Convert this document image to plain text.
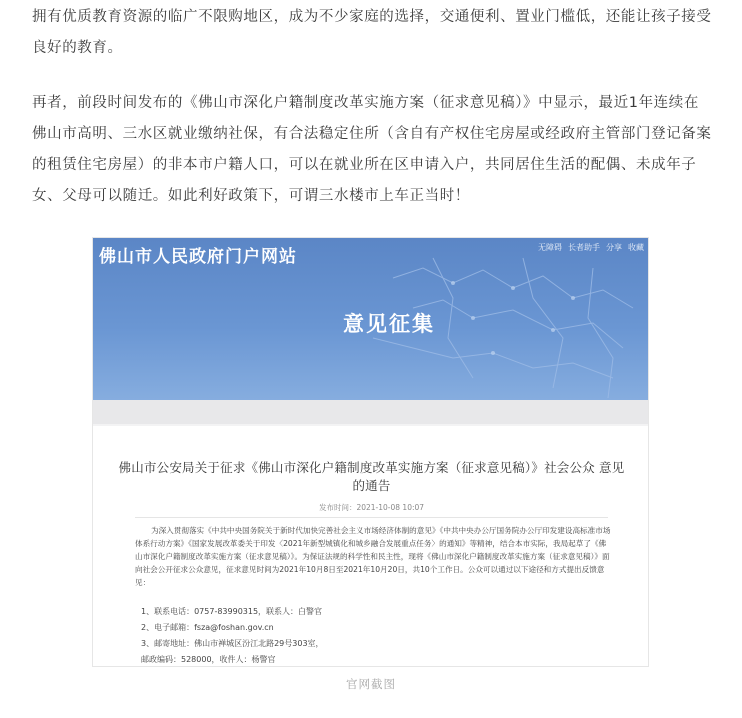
拥有优质教育资源的临广不限购地区，成为不少家庭的选择，交通便利、置业门槛低，还能让孩子接受良好的教育。
再者，前段时间发布的《佛山市深化户籍制度改革实施方案（征求意见稿）》中显示，最近1年连续在佛山市高明、三水区就业缴纳社保，有合法稳定住所（含自有产权住宅房屋或经政府主管部门登记备案的租赁住宅房屋）的非本市户籍人口，可以在就业所在区申请入户，共同居住生活的配偶、未成年子女、父母可以随迁。如此利好政策下，可谓三水楼市上车正当时！
佛山市人民政府门户网站	无障碍 长者助手 分享 收藏
意见征集
佛山市公安局关于征求《佛山市深化户籍制度改革实施方案（征求意见稿）》社会公众 意见的通告
发布时间：2021-10-08 10:07
为深入贯彻落实《中共中央国务院关于新时代加快完善社会主义市场经济体制的意见》《中共中央办公厅国务院办公厅印发建设高标准市场体系行动方案》《国家发展改革委关于印发〈2021年新型城镇化和城乡融合发展重点任务〉的通知》等精神，结合本市实际，我局起草了《佛山市深化户籍制度改革实施方案（征求意见稿）》。为保证法规的科学性和民主性，现将《佛山市深化户籍制度改革实施方案（征求意见稿）》面向社会公开征求公众意见，征求意见时间为2021年10月8日至2021年10月20日，共10个工作日。公众可以通过以下途径和方式提出反馈意见：
1、联系电话：0757-83990315，联系人：白警官
2、电子邮箱：fsza@foshan.gov.cn
3、邮寄地址：佛山市禅城区汾江北路29号303室，
邮政编码：528000，收件人：杨警官
官网截图
